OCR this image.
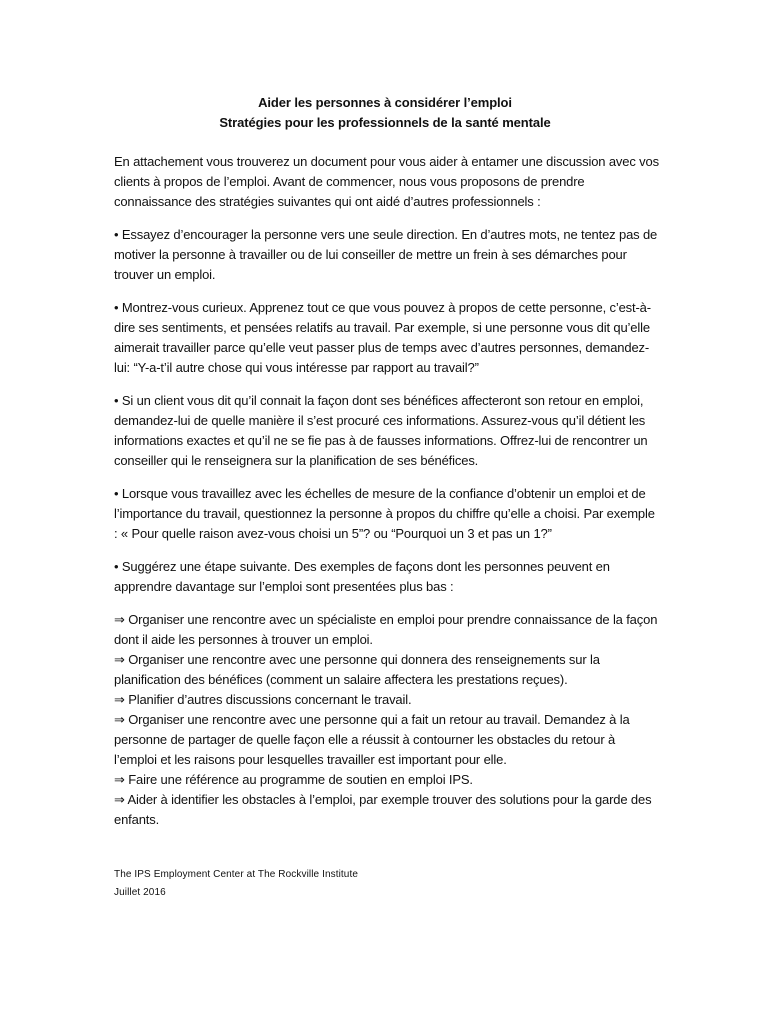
Aider les personnes à considérer l’emploi
Stratégies pour les professionnels de la santé mentale

En attachement vous trouverez un document pour vous aider à entamer une discussion avec vos clients à propos de l’emploi. Avant de commencer, nous vous proposons de prendre connaissance des stratégies suivantes qui ont aidé d’autres professionnels :

• Essayez d’encourager la personne vers une seule direction. En d’autres mots, ne tentez pas de motiver la personne à travailler ou de lui conseiller de mettre un frein à ses démarches pour trouver un emploi.

• Montrez-vous curieux. Apprenez tout ce que vous pouvez à propos de cette personne, c’est-à-dire ses sentiments, et pensées relatifs au travail. Par exemple, si une personne vous dit qu’elle aimerait travailler parce qu’elle veut passer plus de temps avec d’autres personnes, demandez-lui: “Y-a-t’il autre chose qui vous intéresse par rapport au travail?”

• Si un client vous dit qu’il connait la façon dont ses bénéfices affecteront son retour en emploi, demandez-lui de quelle manière il s’est procuré ces informations. Assurez-vous qu’il détient les informations exactes et qu’il ne se fie pas à de fausses informations. Offrez-lui de rencontrer un conseiller qui le renseignera sur la planification de ses bénéfices.

• Lorsque vous travaillez avec les échelles de mesure de la confiance d’obtenir un emploi et de l’importance du travail, questionnez la personne à propos du chiffre qu’elle a choisi. Par exemple : « Pour quelle raison avez-vous choisi un 5”? ou “Pourquoi un 3 et pas un 1?”

• Suggérez une étape suivante. Des exemples de façons dont les personnes peuvent en apprendre davantage sur l’emploi sont presentées plus bas :

⇒ Organiser une rencontre avec un spécialiste en emploi pour prendre connaissance de la façon dont il aide les personnes à trouver un emploi.
⇒ Organiser une rencontre avec une personne qui donnera des renseignements sur la planification des bénéfices (comment un salaire affectera les prestations reçues).
⇒ Planifier d’autres discussions concernant le travail.
⇒ Organiser une rencontre avec une personne qui a fait un retour au travail. Demandez à la personne de partager de quelle façon elle a réussit à contourner les obstacles du retour à l’emploi et les raisons pour lesquelles travailler est important pour elle.
⇒ Faire une référence au programme de soutien en emploi IPS.
⇒ Aider à identifier les obstacles à l’emploi, par exemple trouver des solutions pour la garde des enfants.
The IPS Employment Center at The Rockville Institute
Juillet 2016
